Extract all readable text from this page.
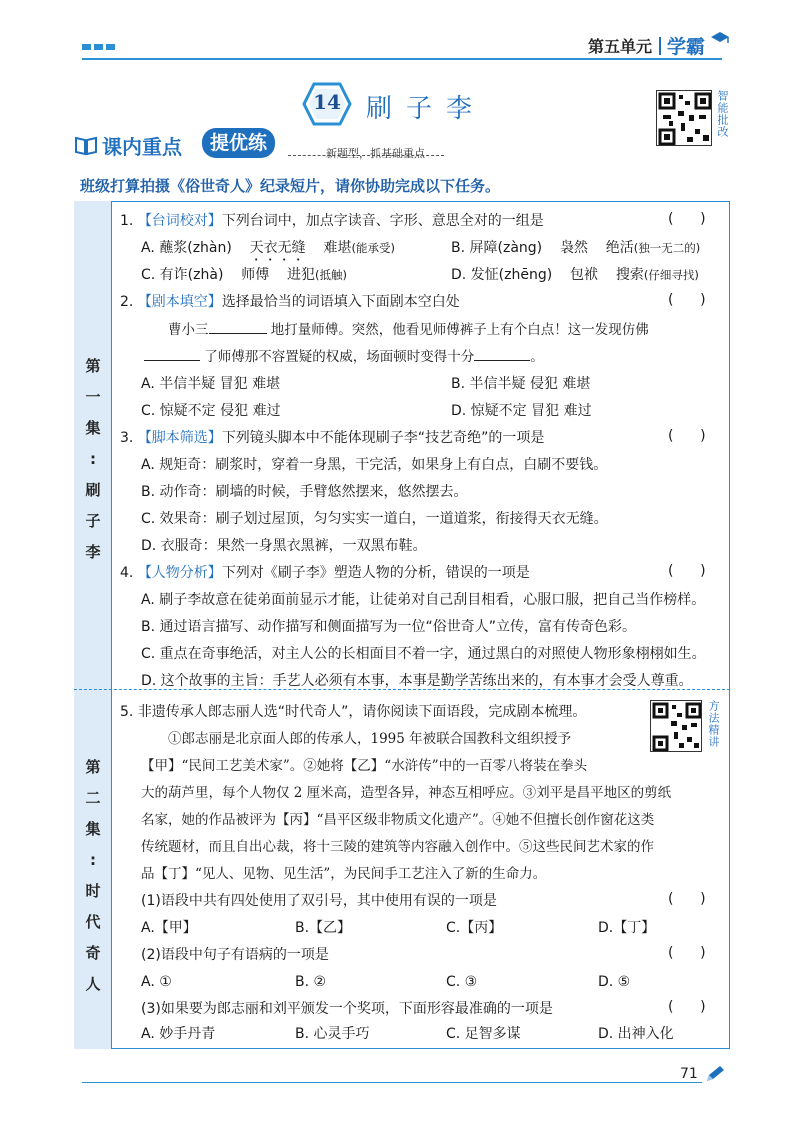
第五单元 学霸
14 刷子李	智能批改
课内重点	提优练	新题型，抓基础重点
班级打算拍摄《俗世奇人》纪录短片，请你协助完成以下任务。
第
一
集
:
刷
子
李
第
二
集
:
时
代
奇
人
1. 【台词校对】下列台词中，加点字读音、字形、意思全对的一组是	(      )
A. 蘸浆(zhàn) 天衣无缝 难堪(能承受)	B. 屏障(zàng) 袅然 绝活(独一无二的)
C. 有诈(zhà) 师傅 进犯(抵触)	D. 发怔(zhēng) 包袱 搜索(仔细寻找)
2. 【剧本填空】选择最恰当的词语填入下面剧本空白处	(      )
曹小三	地打量师傅。突然，他看见师傅裤子上有个白点！这一发现仿佛
了师傅那不容置疑的权威，场面顿时变得十分	。
A. 半信半疑 冒犯 难堪	B. 半信半疑 侵犯 难堪
C. 惊疑不定 侵犯 难过	D. 惊疑不定 冒犯 难过
3. 【脚本筛选】下列镜头脚本中不能体现刷子李“技艺奇绝”的一项是	(      )
A. 规矩奇：刷浆时，穿着一身黑，干完活，如果身上有白点，白刷不要钱。
B. 动作奇：刷墙的时候，手臂悠然摆来，悠然摆去。
C. 效果奇：刷子划过屋顶，匀匀实实一道白，一道道浆，衔接得天衣无缝。
D. 衣服奇：果然一身黑衣黑裤，一双黑布鞋。
4. 【人物分析】下列对《刷子李》塑造人物的分析，错误的一项是	(      )
A. 刷子李故意在徒弟面前显示才能，让徒弟对自己刮目相看，心服口服，把自己当作榜样。
B. 通过语言描写、动作描写和侧面描写为一位“俗世奇人”立传，富有传奇色彩。
C. 重点在奇事绝活，对主人公的长相面目不着一字，通过黑白的对照使人物形象栩栩如生。
D. 这个故事的主旨：手艺人必须有本事，本事是勤学苦练出来的，有本事才会受人尊重。
5. 非遗传承人郎志丽人选“时代奇人”，请你阅读下面语段，完成剧本梳理。	方法精讲
①郎志丽是北京面人郎的传承人，1995 年被联合国教科文组织授予
【甲】“民间工艺美术家”。②她将【乙】“水浒传”中的一百零八将装在拳头
大的葫芦里，每个人物仅 2 厘米高，造型各异，神态互相呼应。③刘平是昌平地区的剪纸
名家，她的作品被评为【丙】“昌平区级非物质文化遗产”。④她不但擅长创作窗花这类
传统题材，而且自出心裁，将十三陵的建筑等内容融入创作中。⑤这些民间艺术家的作
品【丁】“见人、见物、见生活”，为民间手工艺注入了新的生命力。
(1)语段中共有四处使用了双引号，其中使用有误的一项是	(      )
A.【甲】	B.【乙】	C.【丙】	D.【丁】
(2)语段中句子有语病的一项是	(      )
A. ①	B. ②	C. ③	D. ⑤
(3)如果要为郎志丽和刘平颁发一个奖项，下面形容最准确的一项是	(      )
A. 妙手丹青	B. 心灵手巧	C. 足智多谋	D. 出神入化
71
